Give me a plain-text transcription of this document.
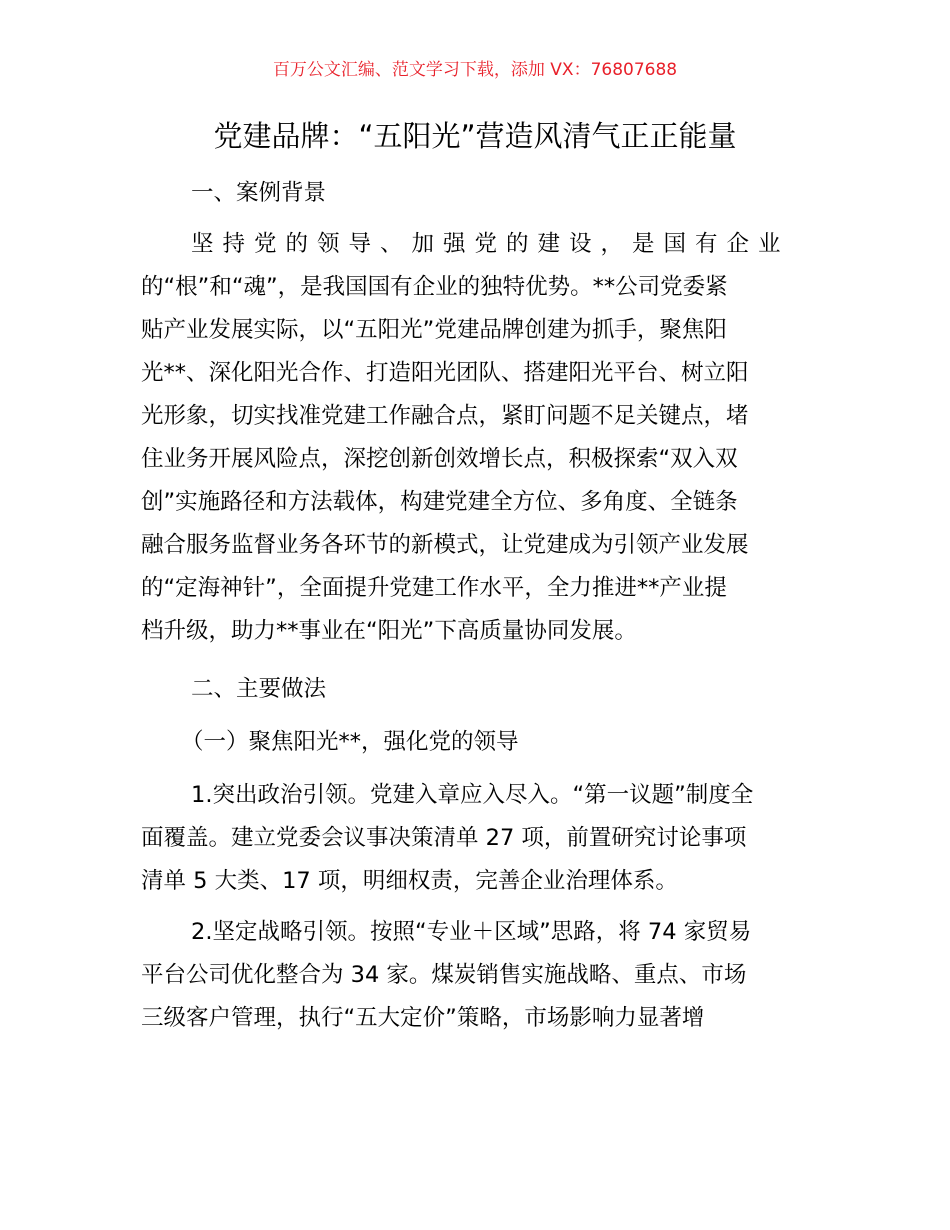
百万公文汇编、范文学习下载，添加 VX：76807688
党建品牌：“五阳光”营造风清气正正能量
一、案例背景
坚持党的领导、加强党的建设，是国有企业
的“根”和“魂”，是我国国有企业的独特优势。**公司党委紧
贴产业发展实际，以“五阳光”党建品牌创建为抓手，聚焦阳
光**、深化阳光合作、打造阳光团队、搭建阳光平台、树立阳
光形象，切实找准党建工作融合点，紧盯问题不足关键点，堵
住业务开展风险点，深挖创新创效增长点，积极探索“双入双
创”实施路径和方法载体，构建党建全方位、多角度、全链条
融合服务监督业务各环节的新模式，让党建成为引领产业发展
的“定海神针”，全面提升党建工作水平，全力推进**产业提
档升级，助力**事业在“阳光”下高质量协同发展。
二、主要做法
（一）聚焦阳光**，强化党的领导
1.突出政治引领。党建入章应入尽入。“第一议题”制度全
面覆盖。建立党委会议事决策清单 27 项，前置研究讨论事项
清单 5 大类、17 项，明细权责，完善企业治理体系。
2.坚定战略引领。按照“专业＋区域”思路，将 74 家贸易
平台公司优化整合为 34 家。煤炭销售实施战略、重点、市场
三级客户管理，执行“五大定价”策略，市场影响力显著增
